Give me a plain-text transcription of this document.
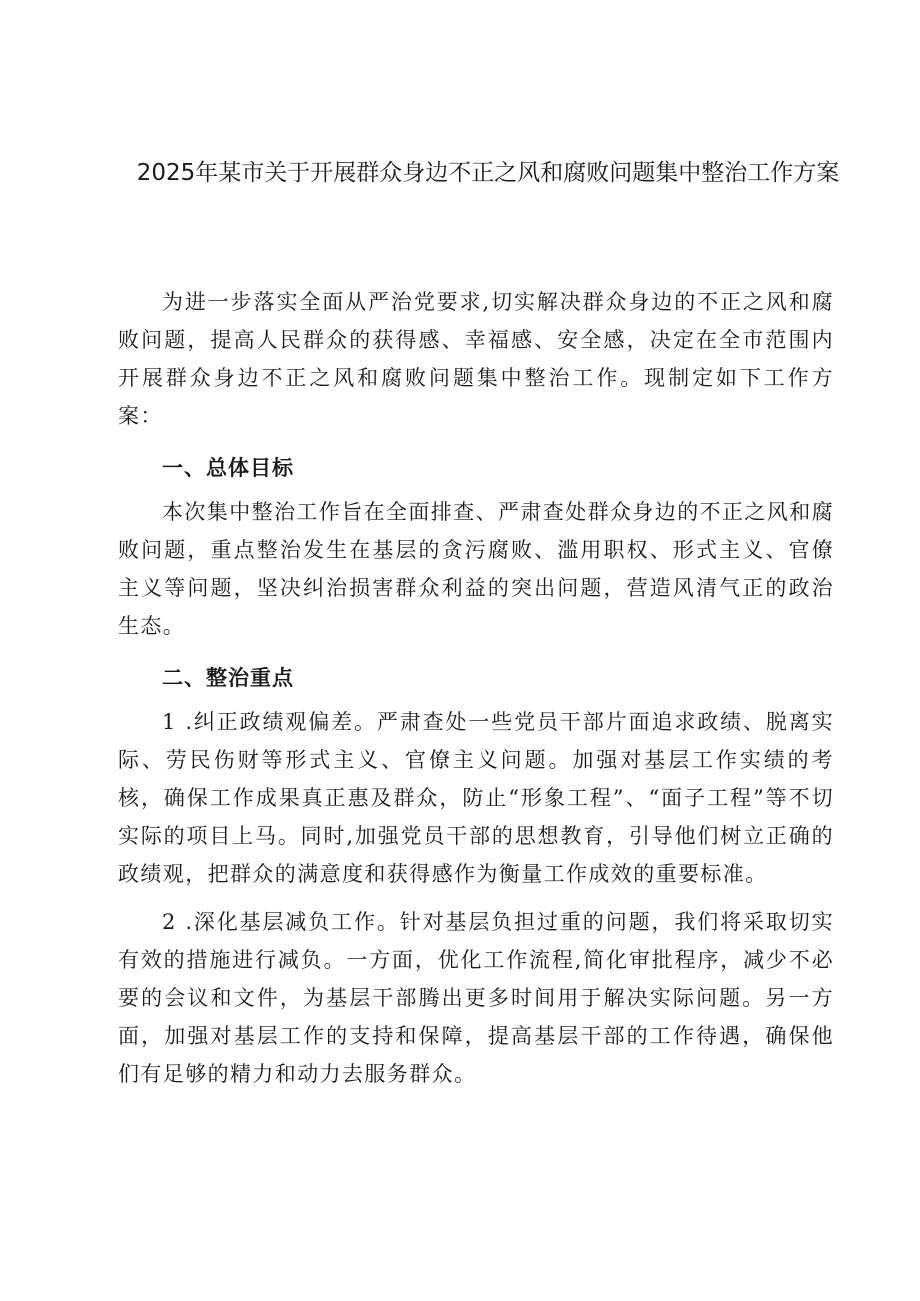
2025年某市关于开展群众身边不正之风和腐败问题集中整治工作方案

为进一步落实全面从严治党要求,切实解决群众身边的不正之风和腐败问题，提高人民群众的获得感、幸福感、安全感，决定在全市范围内开展群众身边不正之风和腐败问题集中整治工作。现制定如下工作方案：

一、总体目标

本次集中整治工作旨在全面排查、严肃查处群众身边的不正之风和腐败问题，重点整治发生在基层的贪污腐败、滥用职权、形式主义、官僚主义等问题，坚决纠治损害群众利益的突出问题，营造风清气正的政治生态。

二、整治重点

1 .纠正政绩观偏差。严肃查处一些党员干部片面追求政绩、脱离实际、劳民伤财等形式主义、官僚主义问题。加强对基层工作实绩的考核，确保工作成果真正惠及群众，防止“形象工程”、“面子工程”等不切实际的项目上马。同时,加强党员干部的思想教育，引导他们树立正确的政绩观，把群众的满意度和获得感作为衡量工作成效的重要标准。

2 .深化基层减负工作。针对基层负担过重的问题，我们将采取切实有效的措施进行减负。一方面，优化工作流程,简化审批程序，减少不必要的会议和文件，为基层干部腾出更多时间用于解决实际问题。另一方面，加强对基层工作的支持和保障，提高基层干部的工作待遇，确保他们有足够的精力和动力去服务群众。
